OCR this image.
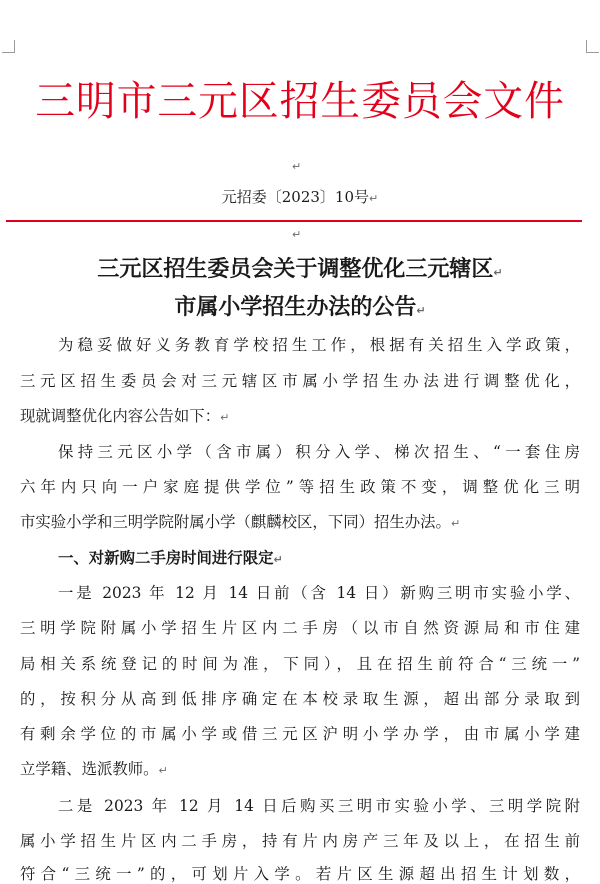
三明市三元区招生委员会文件
↵
元招委〔2023〕10号↵
↵
三元区招生委员会关于调整优化三元辖区↵
市属小学招生办法的公告↵
为稳妥做好义务教育学校招生工作，根据有关招生入学政策，
三元区招生委员会对三元辖区市属小学招生办法进行调整优化，
现就调整优化内容公告如下：↵
保持三元区小学（含市属）积分入学、梯次招生、“一套住房
六年内只向一户家庭提供学位”等招生政策不变，调整优化三明
市实验小学和三明学院附属小学（麒麟校区，下同）招生办法。↵
一、对新购二手房时间进行限定↵
一是 2023 年 12 月 14 日前（含 14 日）新购三明市实验小学、
三明学院附属小学招生片区内二手房（以市自然资源局和市住建
局相关系统登记的时间为准，下同），且在招生前符合“三统一”
的，按积分从高到低排序确定在本校录取生源，超出部分录取到
有剩余学位的市属小学或借三元区沪明小学办学，由市属小学建
立学籍、选派教师。↵
二是 2023 年 12 月 14 日后购买三明市实验小学、三明学院附
属小学招生片区内二手房，持有片内房产三年及以上，在招生前
符合“三统一”的，可划片入学。若片区生源超出招生计划数，
